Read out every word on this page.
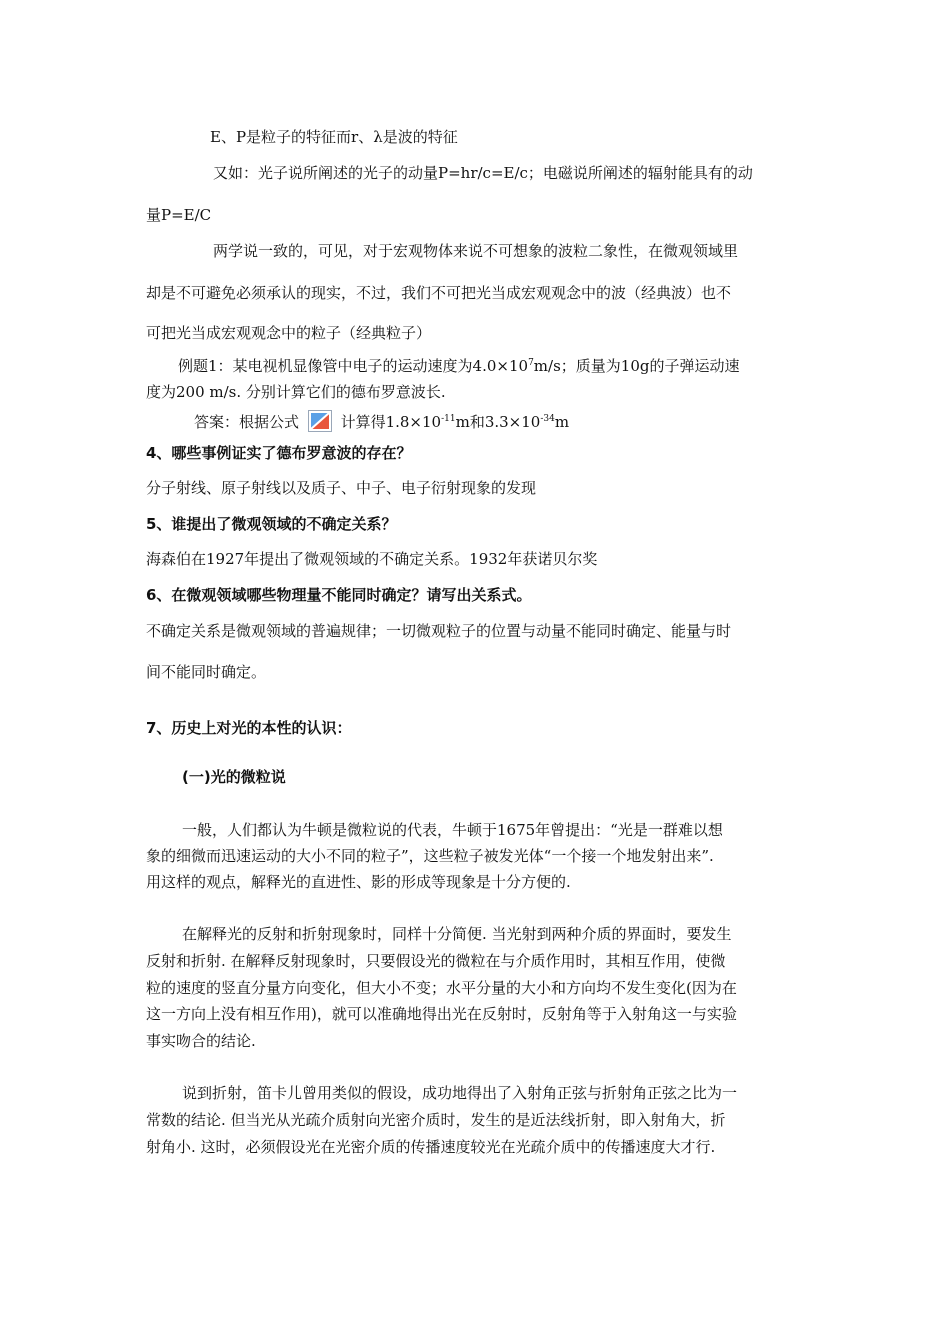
E、P是粒子的特征而r、λ是波的特征
又如：光子说所阐述的光子的动量P=hr/c=E/c；电磁说所阐述的辐射能具有的动
量P=E/C
两学说一致的，可见，对于宏观物体来说不可想象的波粒二象性，在微观领域里
却是不可避免必须承认的现实，不过，我们不可把光当成宏观观念中的波（经典波）也不
可把光当成宏观观念中的粒子（经典粒子）
例题1：某电视机显像管中电子的运动速度为$4.0\times 10^7m/s$；质量为10g的子弹运动速
度为200 m/s. 分别计算它们的德布罗意波长.
答案：根据公式	计算得$1.8\times 10^{-11}m$和$3.3\times 10^{-34}m$
4、哪些事例证实了德布罗意波的存在？
分子射线、原子射线以及质子、中子、电子衍射现象的发现
5、谁提出了微观领域的不确定关系？
海森伯在1927年提出了微观领域的不确定关系。1932年获诺贝尔奖
6、在微观领域哪些物理量不能同时确定？请写出关系式。
不确定关系是微观领域的普遍规律；一切微观粒子的位置与动量不能同时确定、能量与时
间不能同时确定。
7、历史上对光的本性的认识：
(一)光的微粒说
一般，人们都认为牛顿是微粒说的代表，牛顿于1675年曾提出：“光是一群难以想
象的细微而迅速运动的大小不同的粒子”，这些粒子被发光体“一个接一个地发射出来”.
用这样的观点，解释光的直进性、影的形成等现象是十分方便的.
在解释光的反射和折射现象时，同样十分简便. 当光射到两种介质的界面时，要发生
反射和折射. 在解释反射现象时，只要假设光的微粒在与介质作用时，其相互作用，使微
粒的速度的竖直分量方向变化，但大小不变；水平分量的大小和方向均不发生变化(因为在
这一方向上没有相互作用)，就可以准确地得出光在反射时，反射角等于入射角这一与实验
事实吻合的结论.
说到折射，笛卡儿曾用类似的假设，成功地得出了入射角正弦与折射角正弦之比为一
常数的结论. 但当光从光疏介质射向光密介质时，发生的是近法线折射，即入射角大，折
射角小. 这时，必须假设光在光密介质的传播速度较光在光疏介质中的传播速度大才行.
